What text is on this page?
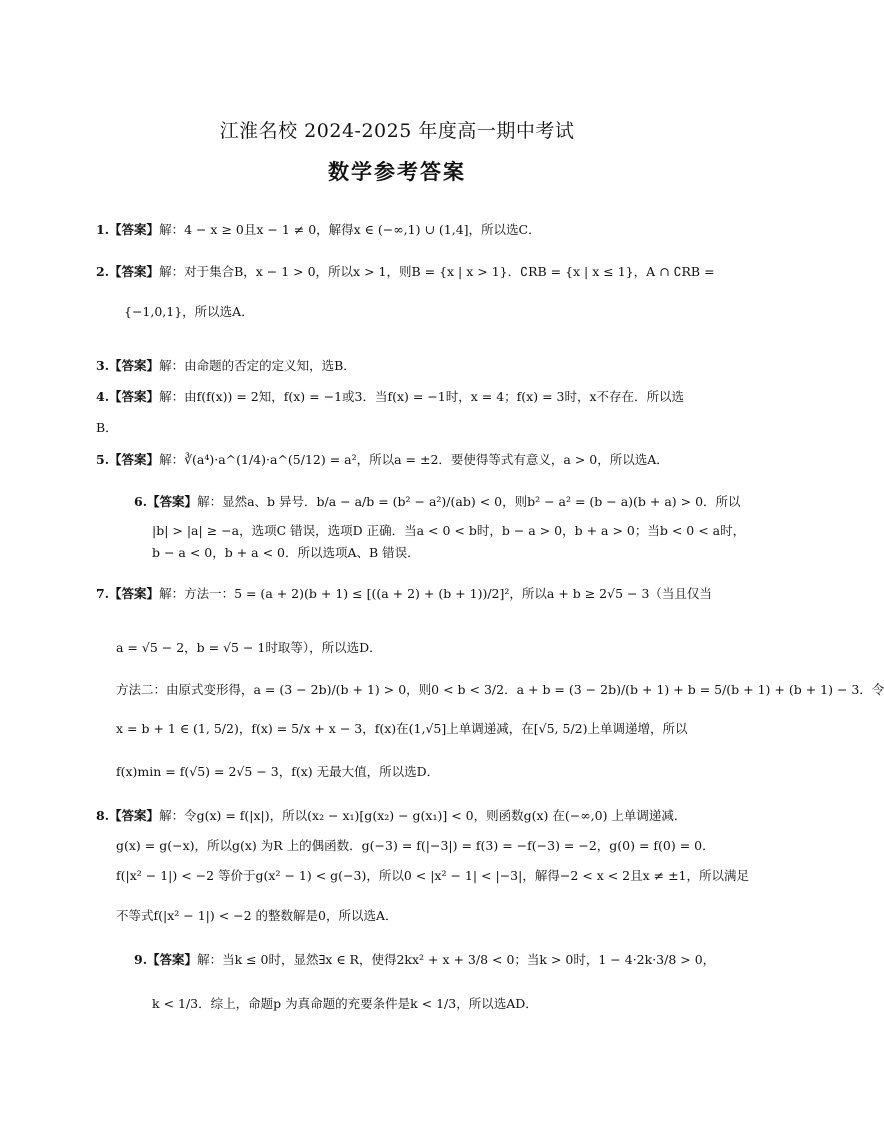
江淮名校 2024-2025 年度高一期中考试
数学参考答案
1.【答案】解：4 − x ≥ 0且x − 1 ≠ 0，解得x ∈ (−∞,1) ∪ (1,4]，所以选C．
2.【答案】解：对于集合B，x − 1 > 0，所以x > 1，则B = {x | x > 1}．∁RB = {x | x ≤ 1}，A ∩ ∁RB =
{−1,0,1}，所以选A．
3.【答案】解：由命题的否定的定义知，选B．
4.【答案】解：由f(f(x)) = 2知，f(x) = −1或3．当f(x) = −1时，x = 4；f(x) = 3时，x不存在．所以选
B．
5.【答案】解：∛(a⁴)·a^(1/4)·a^(5/12) = a²，所以a = ±2．要使得等式有意义，a > 0，所以选A．
6.【答案】解：显然a、b 异号．b/a − a/b = (b² − a²)/(ab) < 0，则b² − a² = (b − a)(b + a) > 0．所以
|b| > |a| ≥ −a，选项C 错误，选项D 正确．当a < 0 < b时，b − a > 0，b + a > 0；当b < 0 < a时，
b − a < 0，b + a < 0．所以选项A、B 错误．
7.【答案】解：方法一：5 = (a + 2)(b + 1) ≤ [((a + 2) + (b + 1))/2]²，所以a + b ≥ 2√5 − 3（当且仅当
a = √5 − 2，b = √5 − 1时取等），所以选D．
方法二：由原式变形得，a = (3 − 2b)/(b + 1) > 0，则0 < b < 3/2．a + b = (3 − 2b)/(b + 1) + b = 5/(b + 1) + (b + 1) − 3．令
x = b + 1 ∈ (1, 5/2)，f(x) = 5/x + x − 3，f(x)在(1,√5]上单调递减，在[√5, 5/2)上单调递增，所以
f(x)min = f(√5) = 2√5 − 3，f(x) 无最大值，所以选D．
8.【答案】解：令g(x) = f(|x|)，所以(x₂ − x₁)[g(x₂) − g(x₁)] < 0，则函数g(x) 在(−∞,0) 上单调递减．
g(x) = g(−x)，所以g(x) 为R 上的偶函数．g(−3) = f(|−3|) = f(3) = −f(−3) = −2，g(0) = f(0) = 0．
f(|x² − 1|) < −2 等价于g(x² − 1) < g(−3)，所以0 < |x² − 1| < |−3|，解得−2 < x < 2且x ≠ ±1，所以满足
不等式f(|x² − 1|) < −2 的整数解是0，所以选A．
9.【答案】解：当k ≤ 0时，显然∃x ∈ R，使得2kx² + x + 3/8 < 0；当k > 0时，1 − 4·2k·3/8 > 0，
k < 1/3．综上，命题p 为真命题的充要条件是k < 1/3，所以选AD．
